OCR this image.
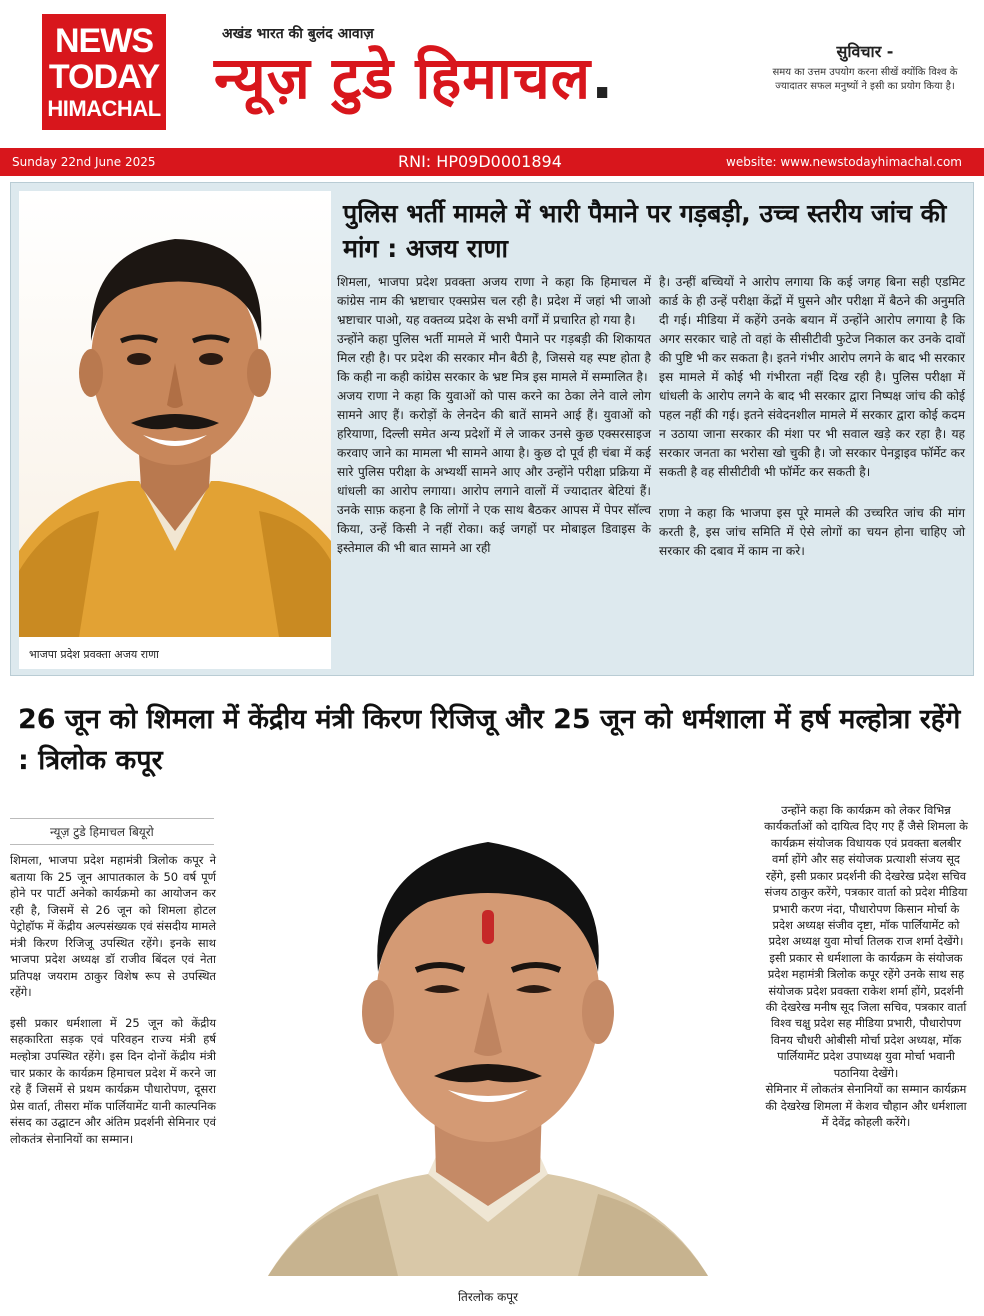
NEWS
TODAY
HIMACHAL
अखंड भारत की बुलंद आवाज़
न्यूज़ टुडे हिमाचल.	सुविचार -
समय का उत्तम उपयोग करना सीखें क्योंकि विश्व के ज्यादातर सफल मनुष्यों ने इसी का प्रयोग किया है।
Sunday 22nd June 2025	RNI: HP09D0001894	website: www.newstodayhimachal.com
भाजपा प्रदेश प्रवक्ता अजय राणा
पुलिस भर्ती मामले में भारी पैमाने पर गड़बड़ी, उच्च स्तरीय जांच की मांग : अजय राणा

शिमला, भाजपा प्रदेश प्रवक्ता अजय राणा ने कहा कि हिमाचल में कांग्रेस नाम की भ्रष्टाचार एक्सप्रेस चल रही है। प्रदेश में जहां भी जाओ भ्रष्टाचार पाओ, यह वक्तव्य प्रदेश के सभी वर्गों में प्रचारित हो गया है।

उन्होंने कहा पुलिस भर्ती मामले में भारी पैमाने पर गड़बड़ी की शिकायत मिल रही है। पर प्रदेश की सरकार मौन बैठी है, जिससे यह स्पष्ट होता है कि कही ना कही कांग्रेस सरकार के भ्रष्ट मित्र इस मामले में सम्मालित है।

अजय राणा ने कहा कि युवाओं को पास करने का ठेका लेने वाले लोग सामने आए हैं। करोड़ों के लेनदेन की बातें सामने आई हैं। युवाओं को हरियाणा, दिल्ली समेत अन्य प्रदेशों में ले जाकर उनसे कुछ एक्सरसाइज करवाए जाने का मामला भी सामने आया है। कुछ दो पूर्व ही चंबा में कई सारे पुलिस परीक्षा के अभ्यर्थी सामने आए और उन्होंने परीक्षा प्रक्रिया में धांधली का आरोप लगाया। आरोप लगाने वालों में ज्यादातर बेटियां हैं। उनके साफ़ कहना है कि लोगों ने एक साथ बैठकर आपस में पेपर सॉल्व किया, उन्हें किसी ने नहीं रोका। कई जगहों पर मोबाइल डिवाइस के इस्तेमाल की भी बात सामने आ रही

है। उन्हीं बच्चियों ने आरोप लगाया कि कई जगह बिना सही एडमिट कार्ड के ही उन्हें परीक्षा केंद्रों में घुसने और परीक्षा में बैठने की अनुमति दी गई। मीडिया में कहेंगे उनके बयान में उन्होंने आरोप लगाया है कि अगर सरकार चाहे तो वहां के सीसीटीवी फुटेज निकाल कर उनके दावों की पुष्टि भी कर सकता है। इतने गंभीर आरोप लगने के बाद भी सरकार इस मामले में कोई भी गंभीरता नहीं दिख रही है। पुलिस परीक्षा में धांधली के आरोप लगने के बाद भी सरकार द्वारा निष्पक्ष जांच की कोई पहल नहीं की गई। इतने संवेदनशील मामले में सरकार द्वारा कोई कदम न उठाया जाना सरकार की मंशा पर भी सवाल खड़े कर रहा है। यह सरकार जनता का भरोसा खो चुकी है। जो सरकार पेनड्राइव फॉर्मेट कर सकती है वह सीसीटीवी भी फॉर्मेट कर सकती है।

राणा ने कहा कि भाजपा इस पूरे मामले की उच्चरित जांच की मांग करती है, इस जांच समिति में ऐसे लोगों का चयन होना चाहिए जो सरकार की दबाव में काम ना करे।

26 जून को शिमला में केंद्रीय मंत्री किरण रिजिजू और 25 जून को धर्मशाला में हर्ष मल्होत्रा रहेंगे : त्रिलोक कपूर
न्यूज़ टुडे हिमाचल बियूरो

शिमला, भाजपा प्रदेश महामंत्री त्रिलोक कपूर ने बताया कि 25 जून आपातकाल के 50 वर्ष पूर्ण होने पर पार्टी अनेको कार्यक्रमो का आयोजन कर रही है, जिसमें से 26 जून को शिमला होटल पेट्रोहॉफ में केंद्रीय अल्पसंख्यक एवं संसदीय मामले मंत्री किरण रिजिजू उपस्थित रहेंगे। इनके साथ भाजपा प्रदेश अध्यक्ष डॉ राजीव बिंदल एवं नेता प्रतिपक्ष जयराम ठाकुर विशेष रूप से उपस्थित रहेंगे।

इसी प्रकार धर्मशाला में 25 जून को केंद्रीय सहकारिता सड़क एवं परिवहन राज्य मंत्री हर्ष मल्होत्रा उपस्थित रहेंगे। इस दिन दोनों केंद्रीय मंत्री चार प्रकार के कार्यक्रम हिमाचल प्रदेश में करने जा रहे हैं जिसमें से प्रथम कार्यक्रम पौधारोपण, दूसरा प्रेस वार्ता, तीसरा मॉक पार्लियामेंट यानी काल्पनिक संसद का उद्घाटन और अंतिम प्रदर्शनी सेमिनार एवं लोकतंत्र सेनानियों का सम्मान।

तिरलोक कपूर

उन्होंने कहा कि कार्यक्रम को लेकर विभिन्न कार्यकर्ताओं को दायित्व दिए गए हैं जैसे शिमला के कार्यक्रम संयोजक विधायक एवं प्रवक्ता बलबीर वर्मा होंगे और सह संयोजक प्रत्याशी संजय सूद रहेंगे, इसी प्रकार प्रदर्शनी की देखरेख प्रदेश सचिव संजय ठाकुर करेंगे, पत्रकार वार्ता को प्रदेश मीडिया प्रभारी करण नंदा, पौधारोपण किसान मोर्चा के प्रदेश अध्यक्ष संजीव दृष्टा, मॉक पार्लियामेंट को प्रदेश अध्यक्ष युवा मोर्चा तिलक राज शर्मा देखेंगे।

इसी प्रकार से धर्मशाला के कार्यक्रम के संयोजक प्रदेश महामंत्री त्रिलोक कपूर रहेंगे उनके साथ सह संयोजक प्रदेश प्रवक्ता राकेश शर्मा होंगे, प्रदर्शनी की देखरेख मनीष सूद जिला सचिव, पत्रकार वार्ता विश्व चक्षु प्रदेश सह मीडिया प्रभारी, पौधारोपण विनय चौधरी ओबीसी मोर्चा प्रदेश अध्यक्ष, मॉक पार्लियामेंट प्रदेश उपाध्यक्ष युवा मोर्चा भवानी पठानिया देखेंगे।

सेमिनार में लोकतंत्र सेनानियों का सम्मान कार्यक्रम की देखरेख शिमला में केशव चौहान और धर्मशाला में देवेंद्र कोहली करेंगे।
